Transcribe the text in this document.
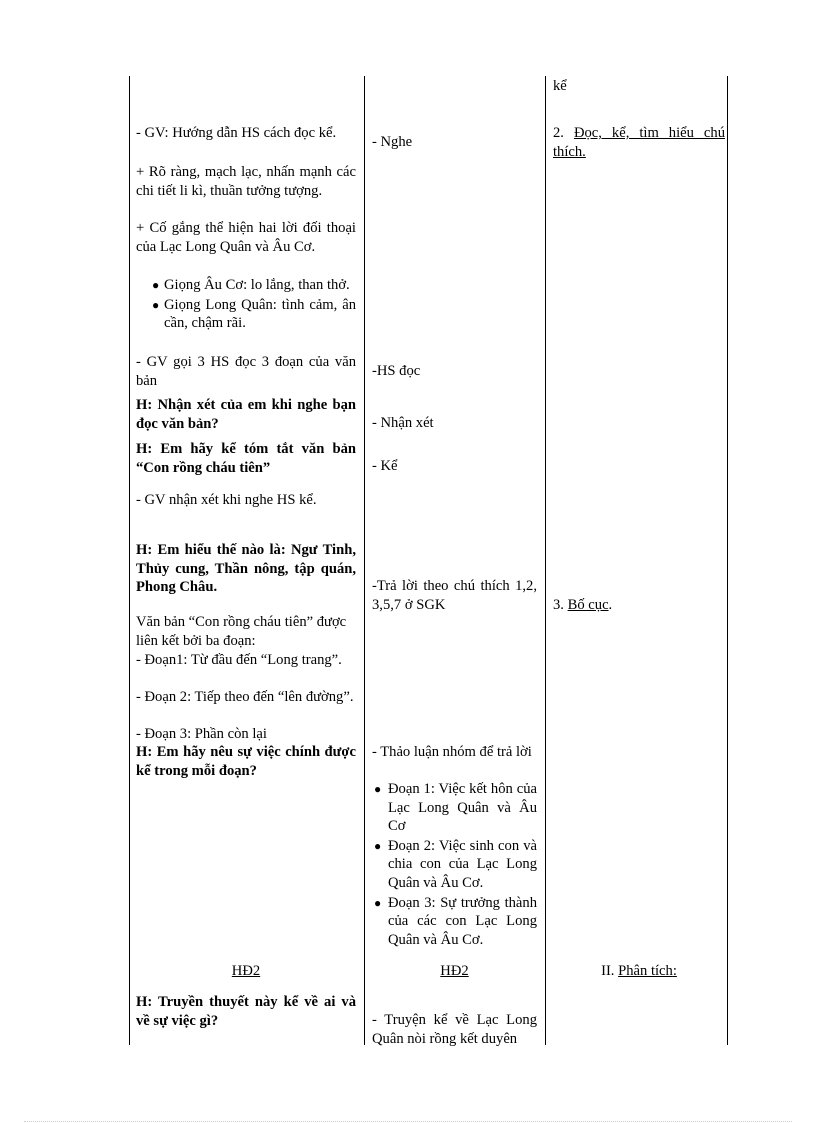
kể
- GV: Hướng dẫn HS cách đọc kể.
+ Rõ ràng, mạch lạc, nhấn mạnh các chi tiết li kì, thuần tưởng tượng.
+ Cố gắng thể hiện hai lời đối thoại của Lạc Long Quân và Âu Cơ.
● Giọng Âu Cơ: lo lắng, than thở.
● Giọng Long Quân: tình cảm, ân cần, chậm rãi.
- GV gọi 3 HS đọc 3 đoạn của văn bản
H: Nhận xét của em khi nghe bạn đọc văn bản?
H: Em hãy kể tóm tắt văn bản “Con rồng cháu tiên”
- GV nhận xét khi nghe HS kể.
H: Em hiểu thế nào là: Ngư Tinh, Thủy cung, Thần nông, tập quán, Phong Châu.
Văn bản “Con rồng cháu tiên” được liên kết bởi ba đoạn:
- Đoạn1: Từ đầu đến “Long trang”.
- Đoạn 2: Tiếp theo đến “lên đường”.
- Đoạn 3: Phần còn lại
H: Em hãy nêu sự việc chính được kể trong mỗi đoạn?
HĐ2
H: Truyền thuyết này kể về ai và về sự việc gì?
- Nghe
-HS đọc
- Nhận xét
- Kể
-Trả lời theo chú thích 1,2, 3,5,7 ở SGK
- Thảo luận nhóm để trả lời
● Đoạn 1: Việc kết hôn của Lạc Long Quân và Âu Cơ
● Đoạn 2: Việc sinh con và chia con của Lạc Long Quân và Âu Cơ.
● Đoạn 3: Sự trưởng thành của các con Lạc Long Quân và Âu Cơ.
HĐ2
- Truyện kể về Lạc Long Quân nòi rồng kết duyên
2. Đọc, kể, tìm hiểu chú thích.
3. Bố cục.
II. Phân tích:
